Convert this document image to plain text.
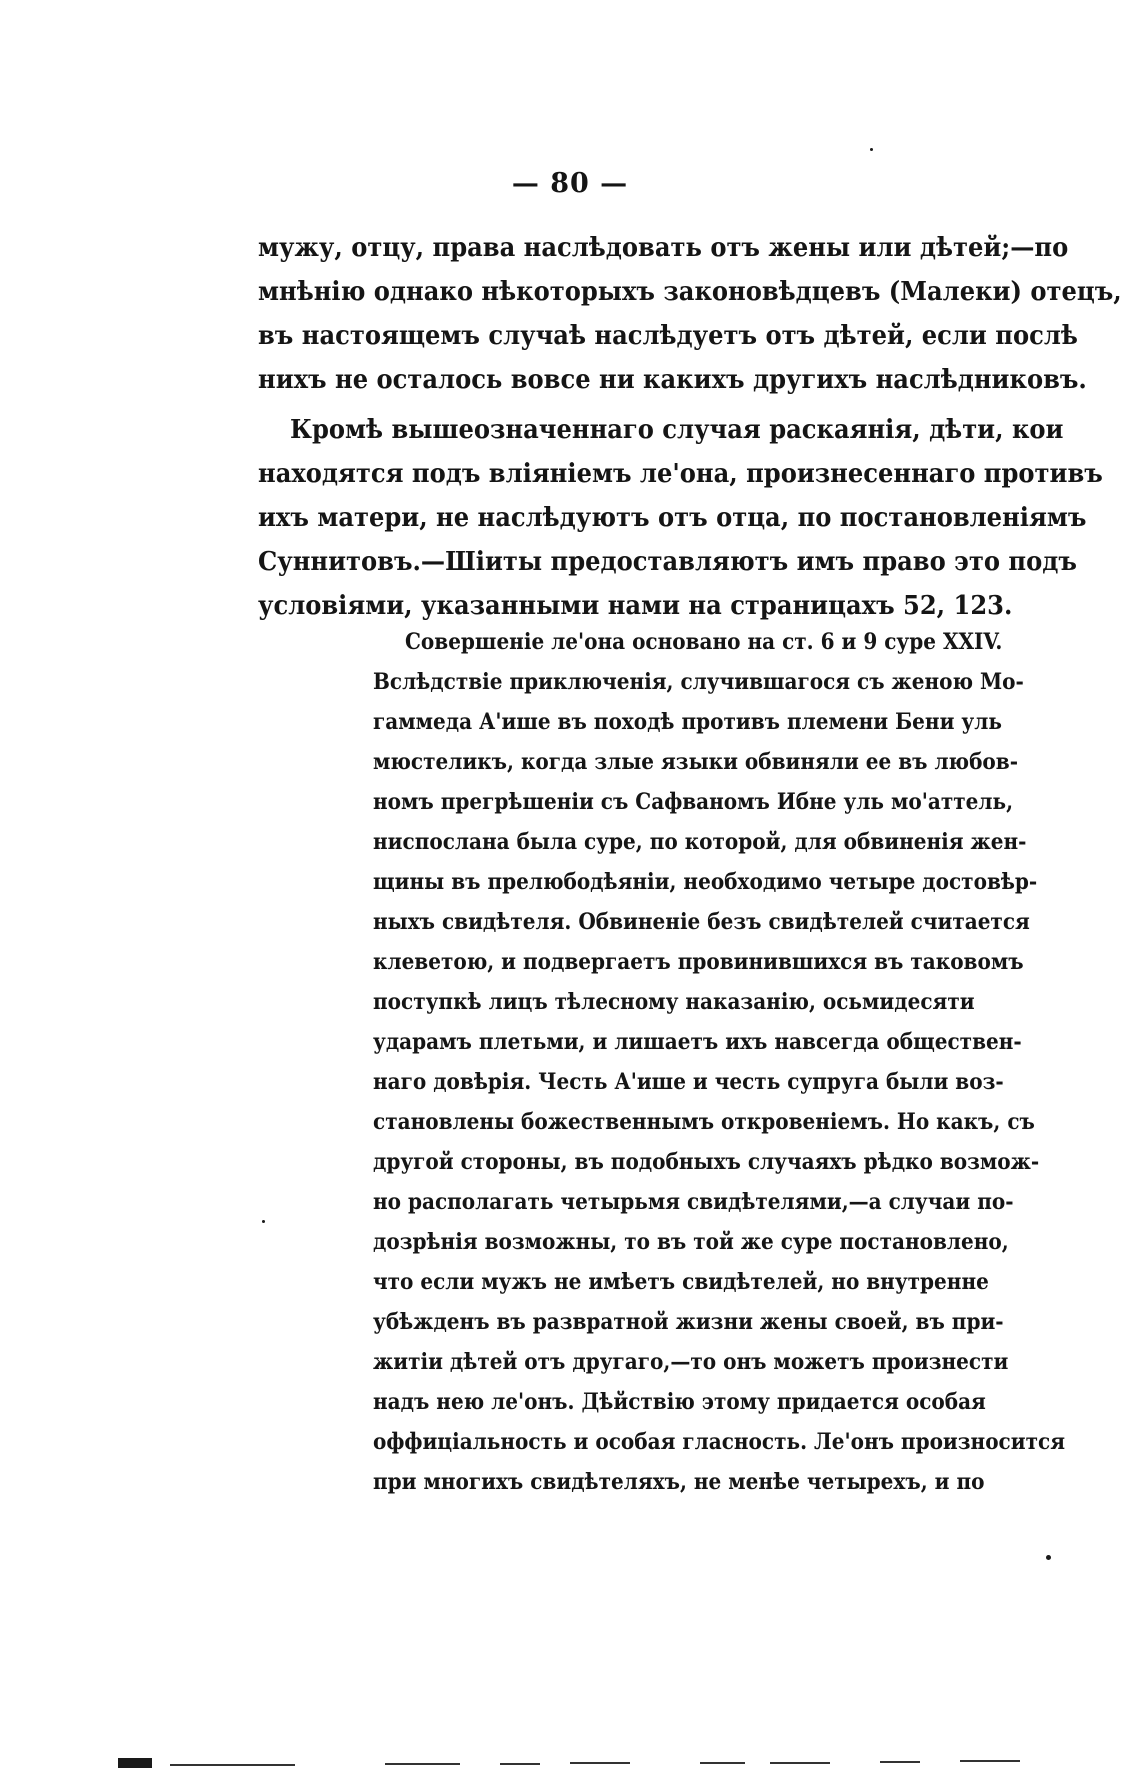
— 80 —
мужу, отцу, права наслѣдовать отъ жены или дѣтей;—по
мнѣнію однако нѣкоторыхъ законовѣдцевъ (Малеки) отецъ,
въ настоящемъ случаѣ наслѣдуетъ отъ дѣтей, если послѣ
нихъ не осталось вовсе ни какихъ другихъ наслѣдниковъ.
Кромѣ вышеозначеннаго случая раскаянія, дѣти, кои
находятся подъ вліяніемъ ле'она, произнесеннаго противъ
ихъ матери, не наслѣдуютъ отъ отца, по постановленіямъ
Суннитовъ.—Шіиты предоставляютъ имъ право это подъ
условіями, указанными нами на страницахъ 52, 123.
Совершеніе ле'она основано на ст. 6 и 9 суре XXIV.
Вслѣдствіе приключенія, случившагося съ женою Мо-
гаммеда А'ише въ походѣ противъ племени Бени уль
мюстеликъ, когда злые языки обвиняли ее въ любов-
номъ прегрѣшеніи съ Сафваномъ Ибне уль мо'аттель,
ниспослана была суре, по которой, для обвиненія жен-
щины въ прелюбодѣяніи, необходимо четыре достовѣр-
ныхъ свидѣтеля. Обвиненіе безъ свидѣтелей считается
клеветою, и подвергаетъ провинившихся въ таковомъ
поступкѣ лицъ тѣлесному наказанію, осьмидесяти
ударамъ плетьми, и лишаетъ ихъ навсегда обществен-
наго довѣрія. Честь А'ише и честь супруга были воз-
становлены божественнымъ откровеніемъ. Но какъ, съ
другой стороны, въ подобныхъ случаяхъ рѣдко возмож-
но располагать четырьмя свидѣтелями,—а случаи по-
дозрѣнія возможны, то въ той же суре постановлено,
что если мужъ не имѣетъ свидѣтелей, но внутренне
убѣжденъ въ развратной жизни жены своей, въ при-
житіи дѣтей отъ другаго,—то онъ можетъ произнести
надъ нею ле'онъ. Дѣйствію этому придается особая
оффиціальность и особая гласность. Ле'онъ произносится
при многихъ свидѣтеляхъ, не менѣе четырехъ, и по
